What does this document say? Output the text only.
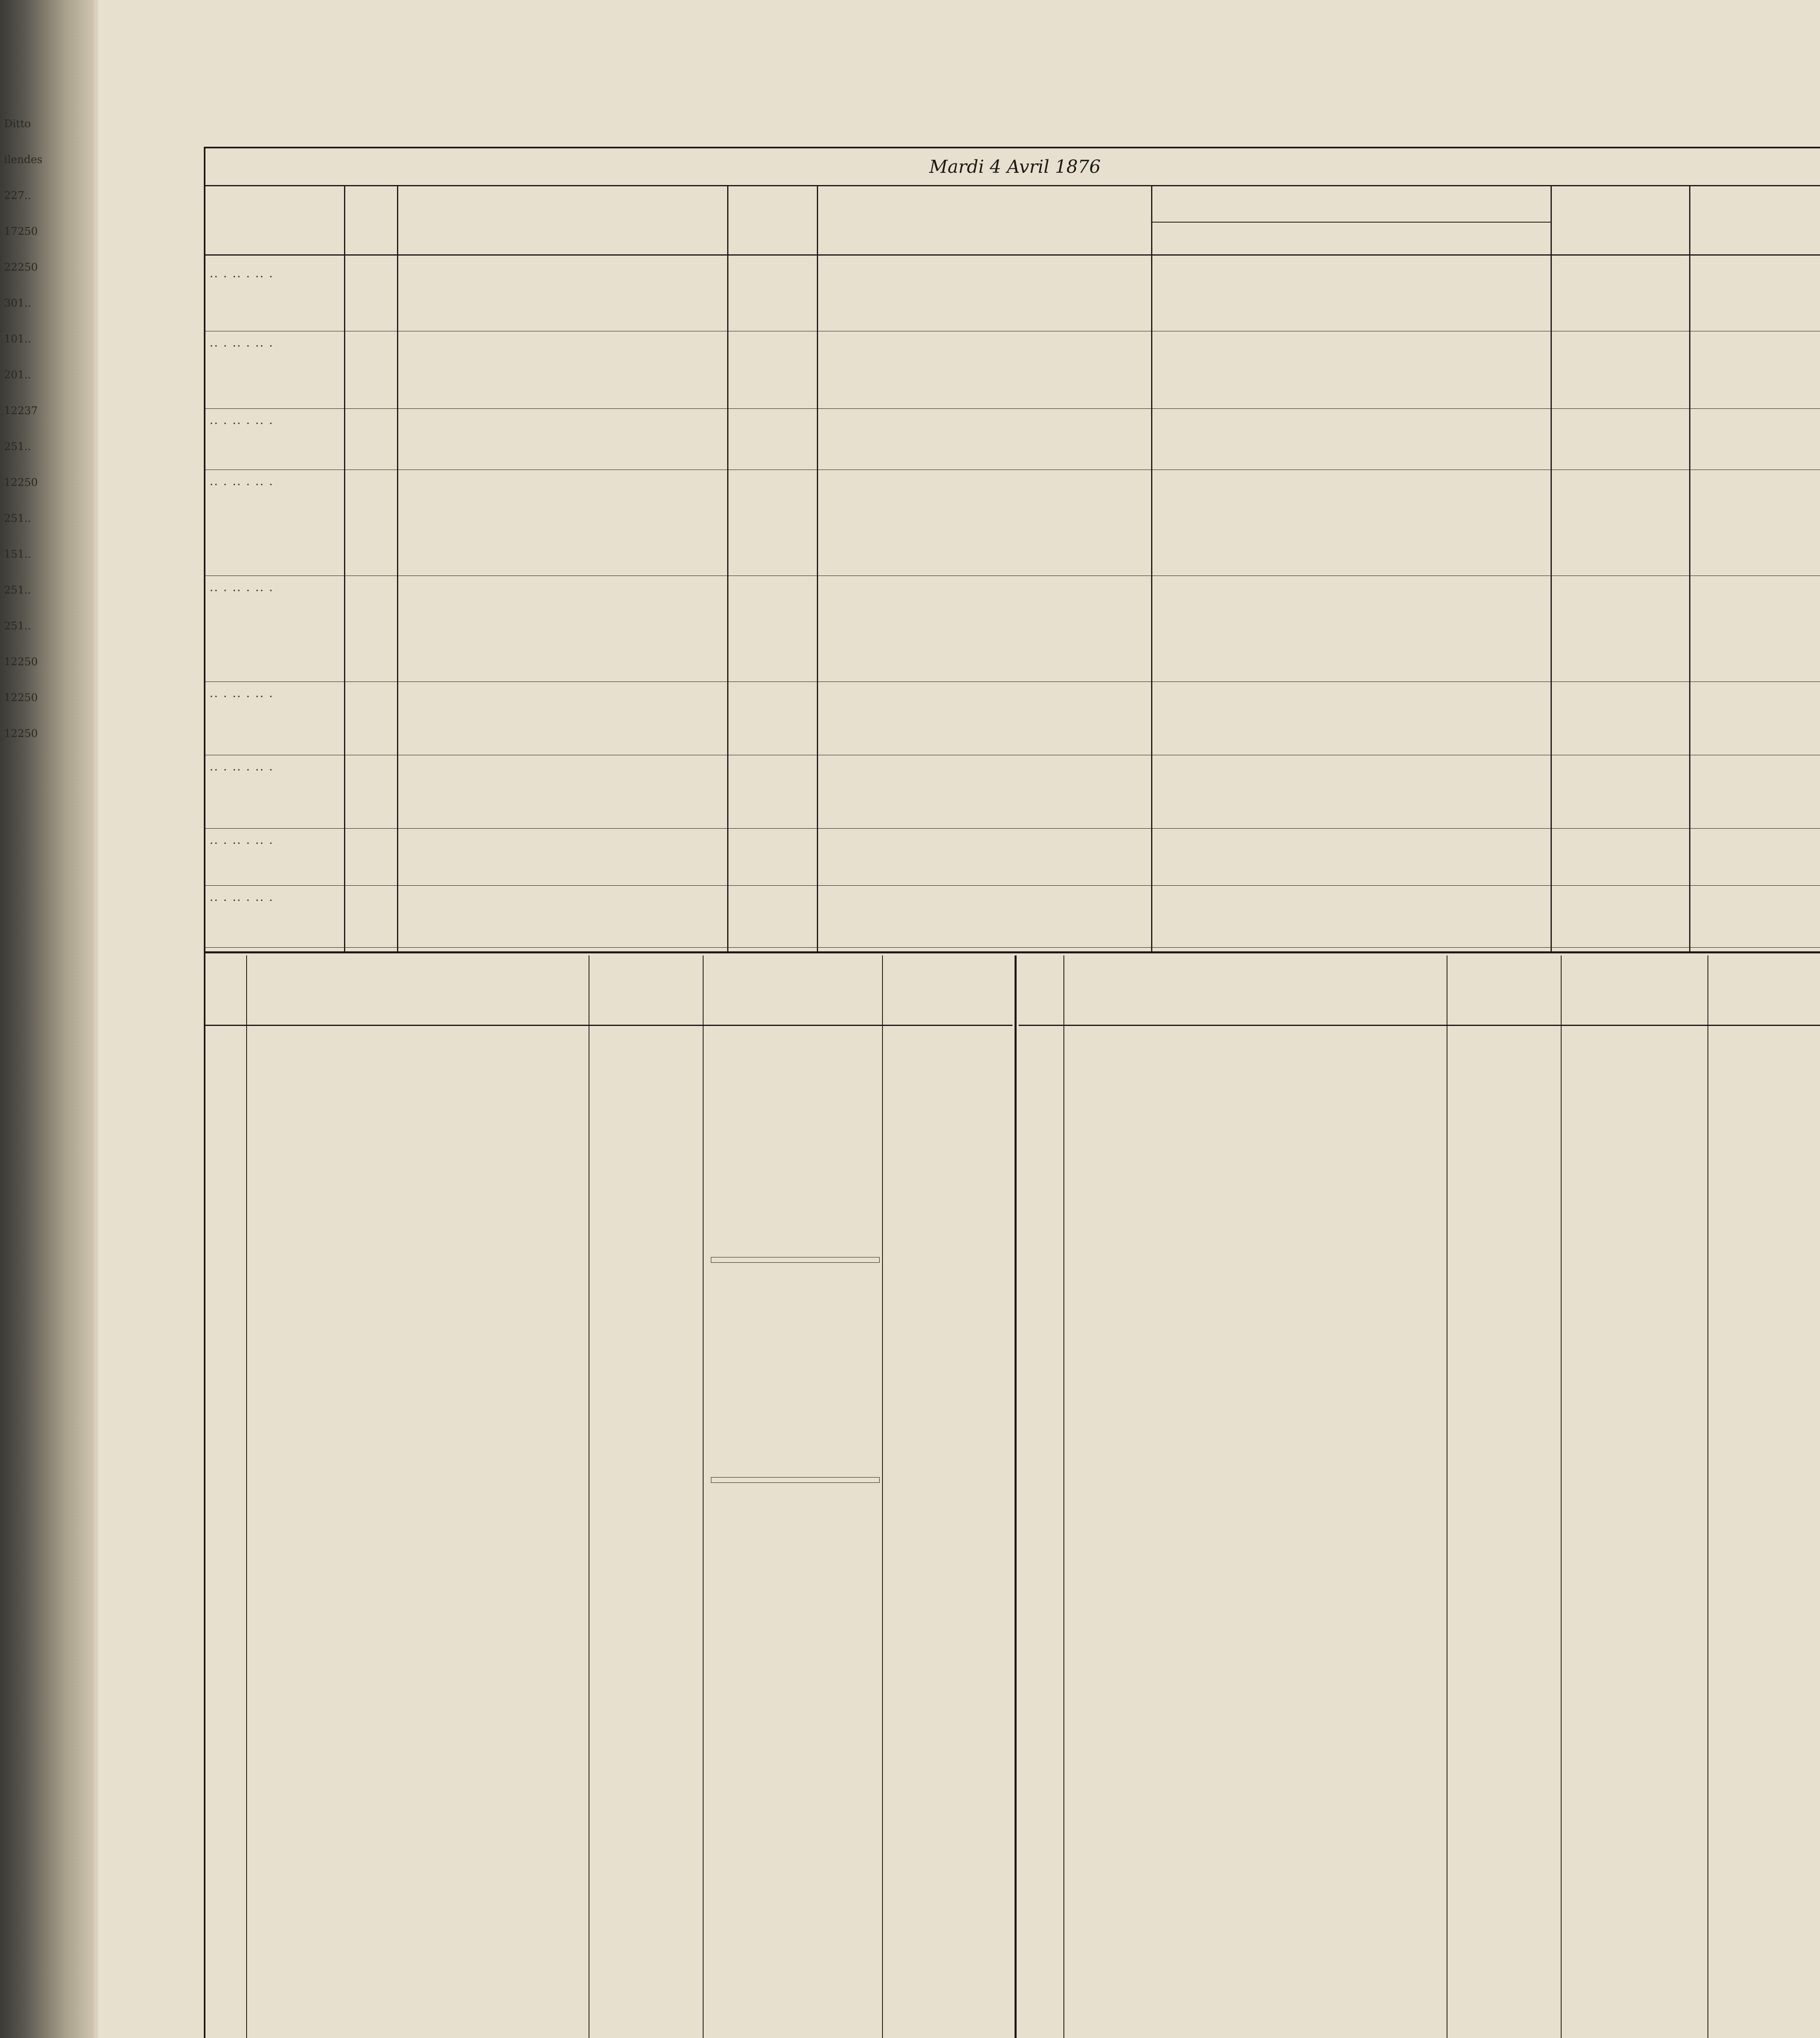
Ditto
ilendes
227..
17250
22250
301..
101..
201..
12237
251..
12250
251..
151..
251..
251..
12250
12250
12250
Mardi 4 Avril 1876
.. . .. . .. .
.. . .. . .. .
.. . .. . .. .
.. . .. . .. .
.. . .. . .. .
.. . .. . .. .
.. . .. . .. .
.. . .. . .. .
.. . .. . .. .
